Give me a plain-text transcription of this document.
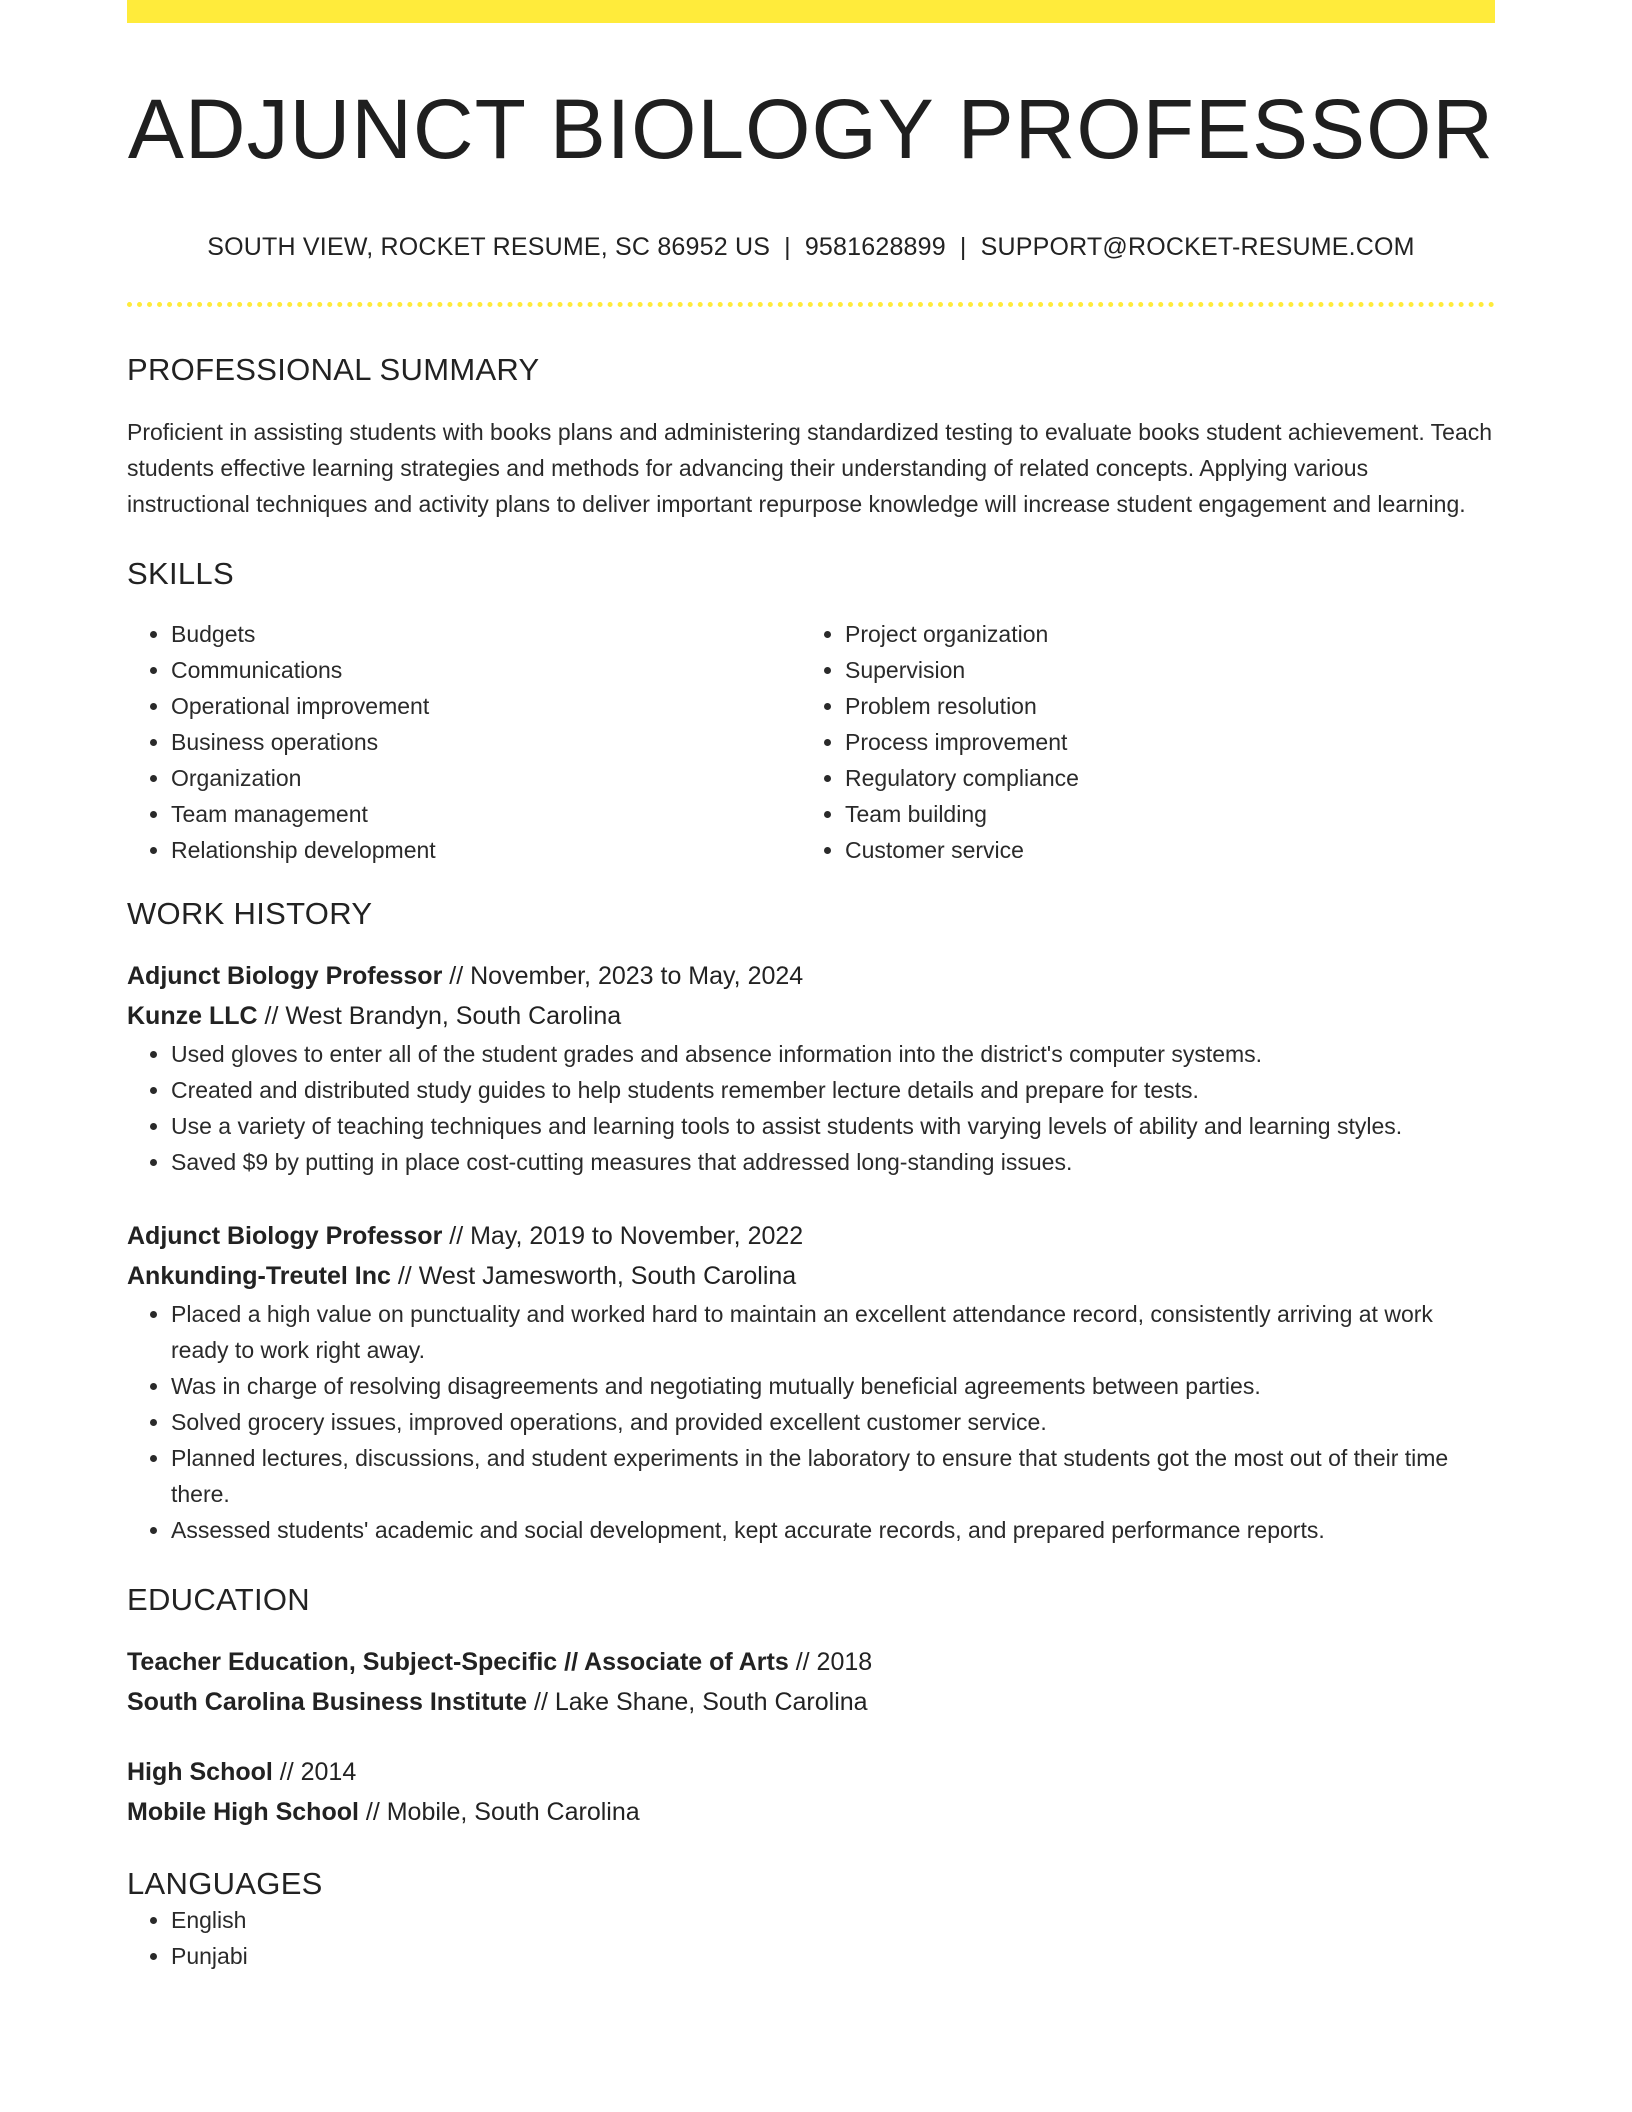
ADJUNCT BIOLOGY PROFESSOR
SOUTH VIEW, ROCKET RESUME, SC 86952 US | 9581628899 | SUPPORT@ROCKET-RESUME.COM
PROFESSIONAL SUMMARY
Proficient in assisting students with books plans and administering standardized testing to evaluate books student achievement. Teach students effective learning strategies and methods for advancing their understanding of related concepts. Applying various instructional techniques and activity plans to deliver important repurpose knowledge will increase student engagement and learning.
SKILLS
• Budgets
• Communications
• Operational improvement
• Business operations
• Organization
• Team management
• Relationship development
• Project organization
• Supervision
• Problem resolution
• Process improvement
• Regulatory compliance
• Team building
• Customer service
WORK HISTORY
Adjunct Biology Professor // November, 2023 to May, 2024
Kunze LLC // West Brandyn, South Carolina
• Used gloves to enter all of the student grades and absence information into the district's computer systems.
• Created and distributed study guides to help students remember lecture details and prepare for tests.
• Use a variety of teaching techniques and learning tools to assist students with varying levels of ability and learning styles.
• Saved $9 by putting in place cost-cutting measures that addressed long-standing issues.
Adjunct Biology Professor // May, 2019 to November, 2022
Ankunding-Treutel Inc // West Jamesworth, South Carolina
• Placed a high value on punctuality and worked hard to maintain an excellent attendance record, consistently arriving at work ready to work right away.
• Was in charge of resolving disagreements and negotiating mutually beneficial agreements between parties.
• Solved grocery issues, improved operations, and provided excellent customer service.
• Planned lectures, discussions, and student experiments in the laboratory to ensure that students got the most out of their time there.
• Assessed students' academic and social development, kept accurate records, and prepared performance reports.
EDUCATION
Teacher Education, Subject-Specific // Associate of Arts // 2018
South Carolina Business Institute // Lake Shane, South Carolina
High School // 2014
Mobile High School // Mobile, South Carolina
LANGUAGES
• English
• Punjabi
